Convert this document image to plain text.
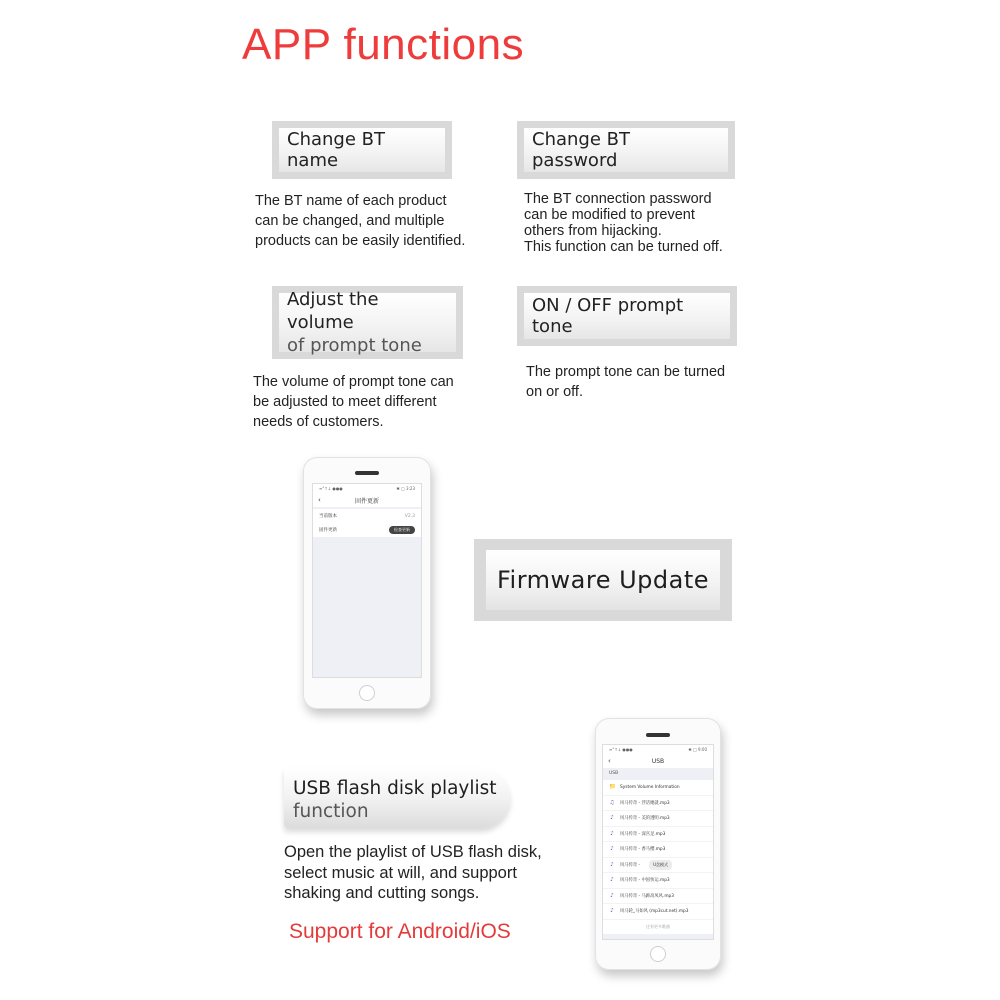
APP functions
Change BT name
The BT name of each product
can be changed, and multiple
products can be easily identified.
Change BT password
The BT connection password
can be modified to prevent
others from hijacking.
This function can be turned off.
Adjust the volume
of prompt tone
The volume of prompt tone can
be adjusted to meet different
needs of customers.
ON / OFF prompt tone
The prompt tone can be turned
on or off.
≡°↑↓ ●●●	✱ □ 3:23
‹	固件更新
当前版本	V2.3
固件更新	检查更新
Firmware Update
≡°↑↓ ●●●	✱ □ 9:00
‹	USB
USB
📁 System Volume Information
♫ 风马传奇 - 浮话她就.mp3
♪ 风马传奇 - 美的透明.mp3
♪ 风马传奇 - 深宫足.mp3
♪ 风马传奇 - 香马樱.mp3
♪ 风马传奇 -	U盘模式
♪ 风马传奇 - 中国快运.mp3
♪ 风马传奇 - 马蹄高凤风.mp3
♪ 风马轮_马如风 (mp3cut.net).mp3
还有更多歌曲
USB flash disk playlist
function
Open the playlist of USB flash disk,
select music at will, and support
shaking and cutting songs.
Support for Android/iOS
